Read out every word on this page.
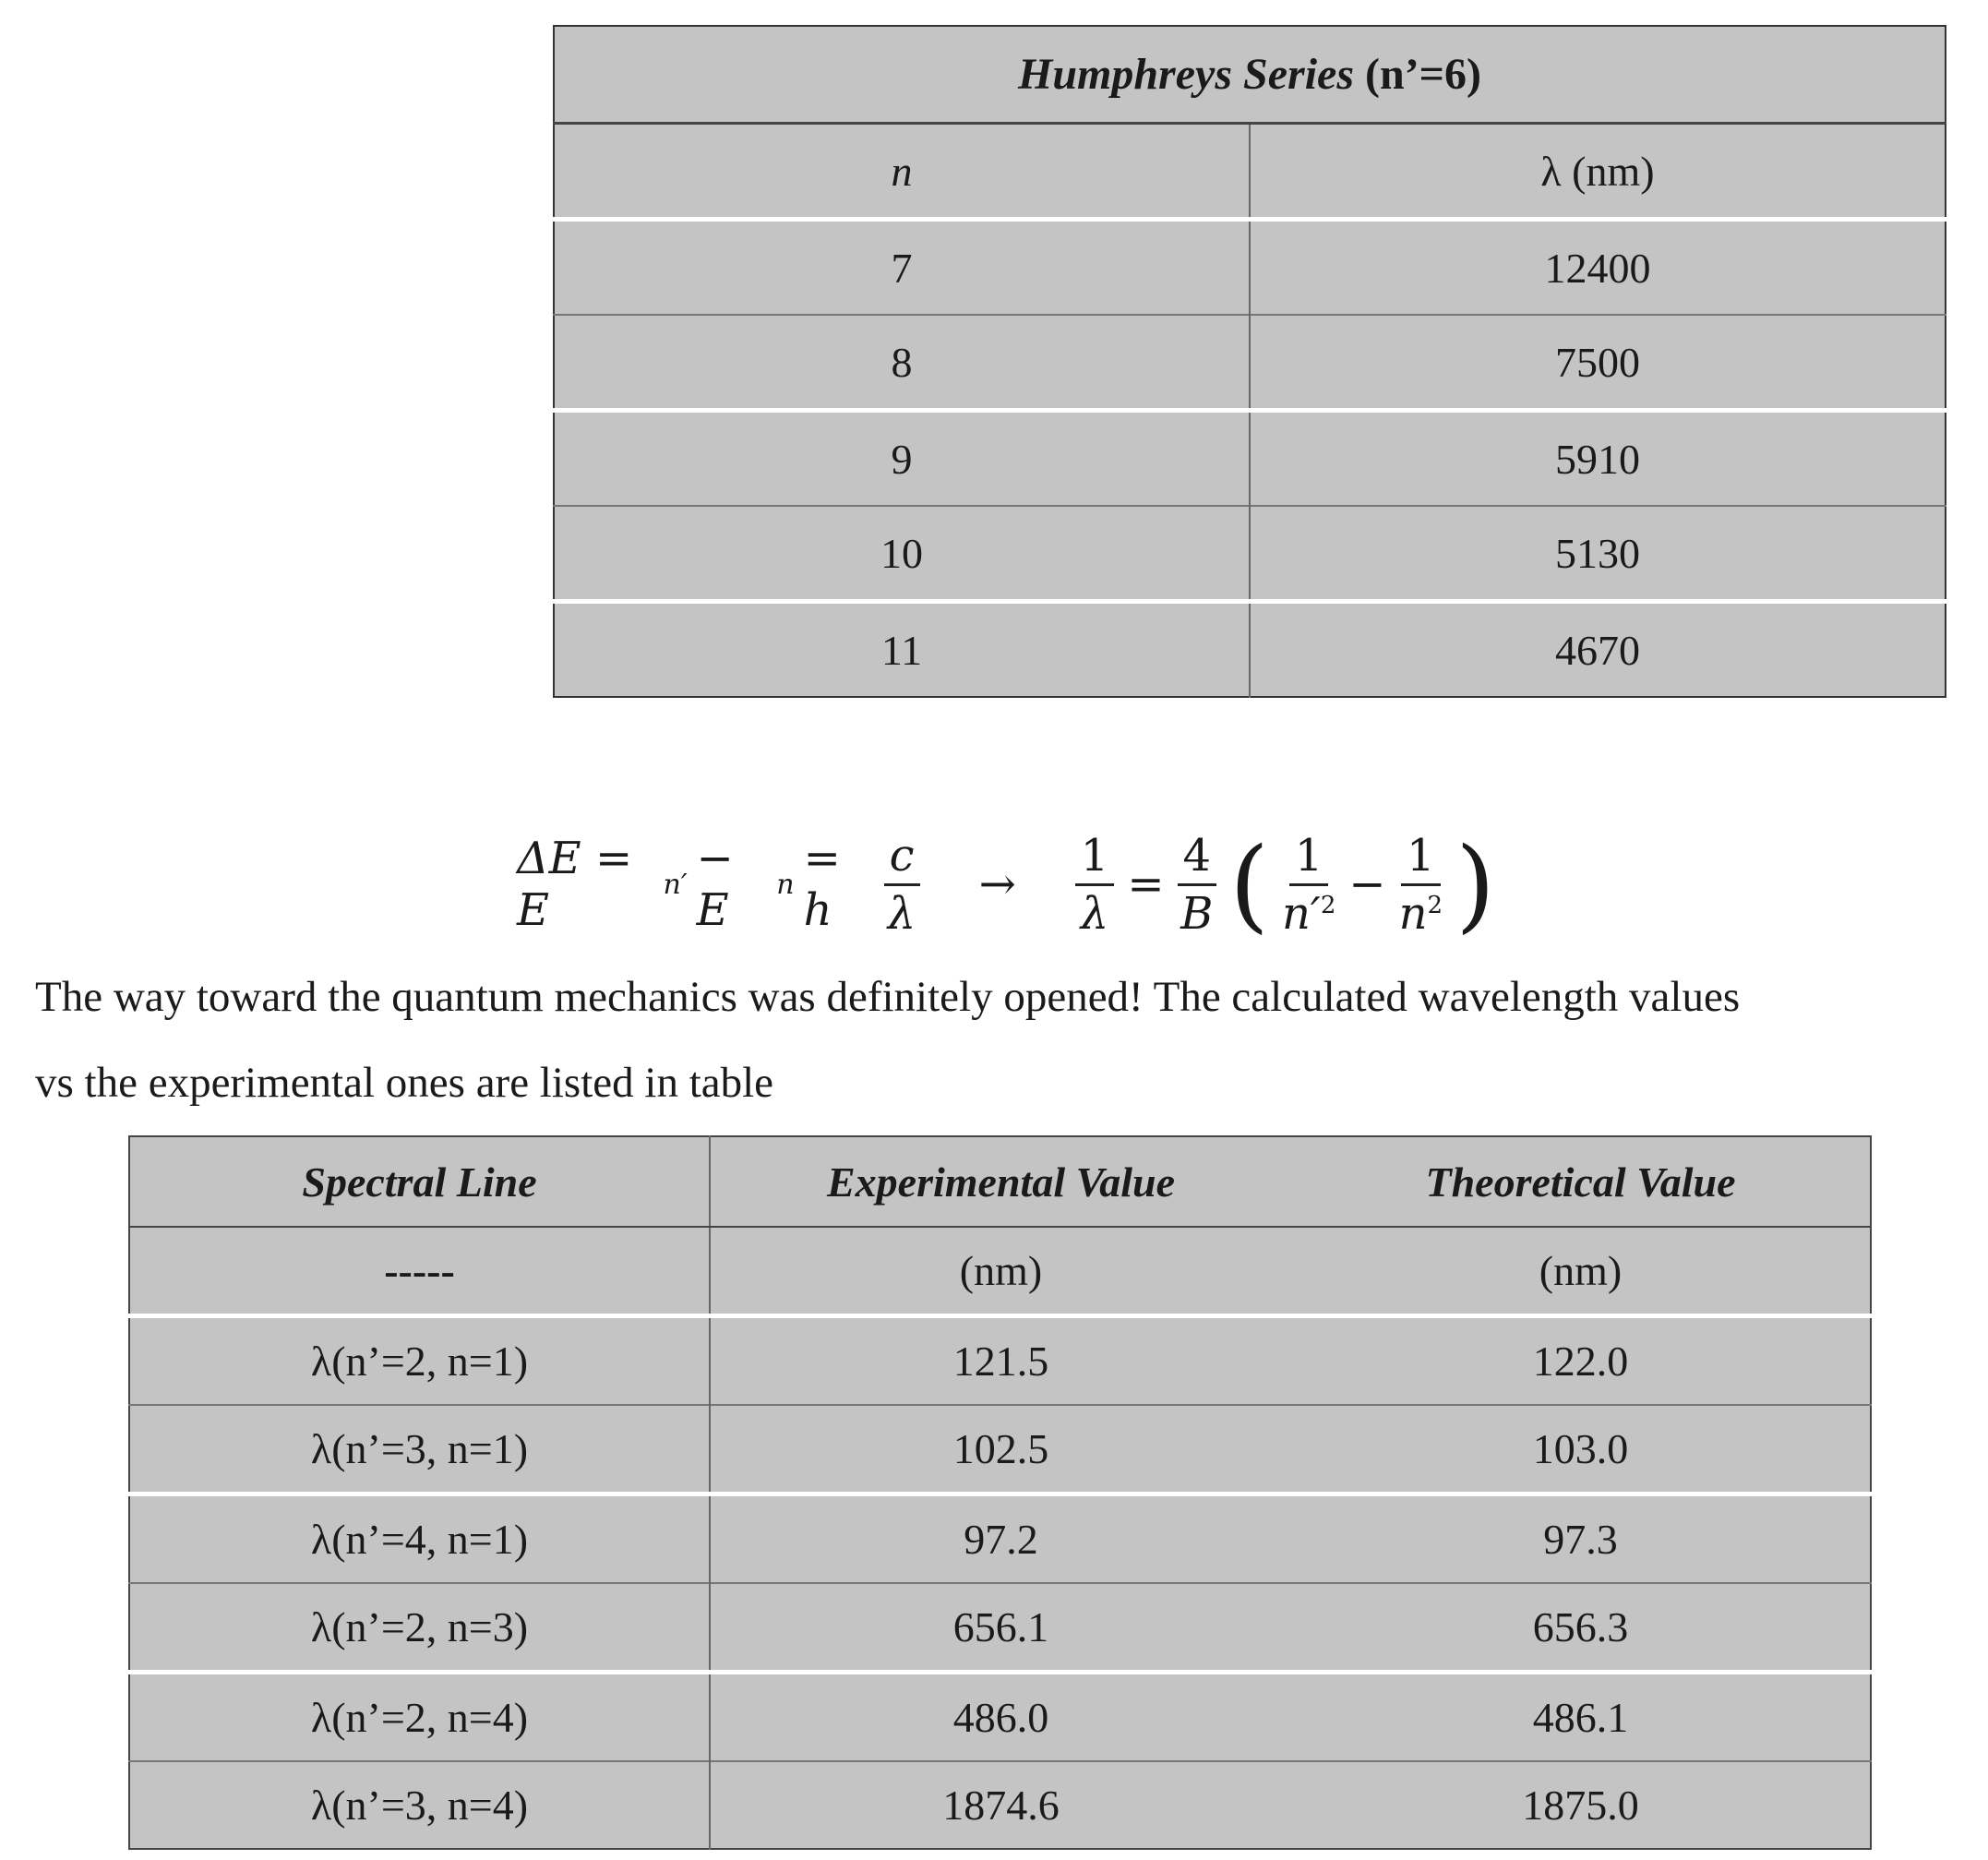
Humphreys Series (n’=6)	
n	λ (nm)
7	12400
8	7500
9	5910
10	5130
11	4670
ΔE = E	n′ − E	n = h	$\frac{c}{\lambda} \to \frac{1}{\lambda} = \frac{4}{B}$ ( $\frac{1}{n'^2} - \frac{1}{n^2}$ )

The way toward the quantum mechanics was definitely opened! The calculated wavelength values

vs the experimental ones are listed in table

Spectral Line	Experimental Value	Theoretical Value
-----	(nm)	(nm)
λ(n’=2, n=1)	121.5	122.0
λ(n’=3, n=1)	102.5	103.0
λ(n’=4, n=1)	97.2	97.3
λ(n’=2, n=3)	656.1	656.3
λ(n’=2, n=4)	486.0	486.1
λ(n’=3, n=4)	1874.6	1875.0
